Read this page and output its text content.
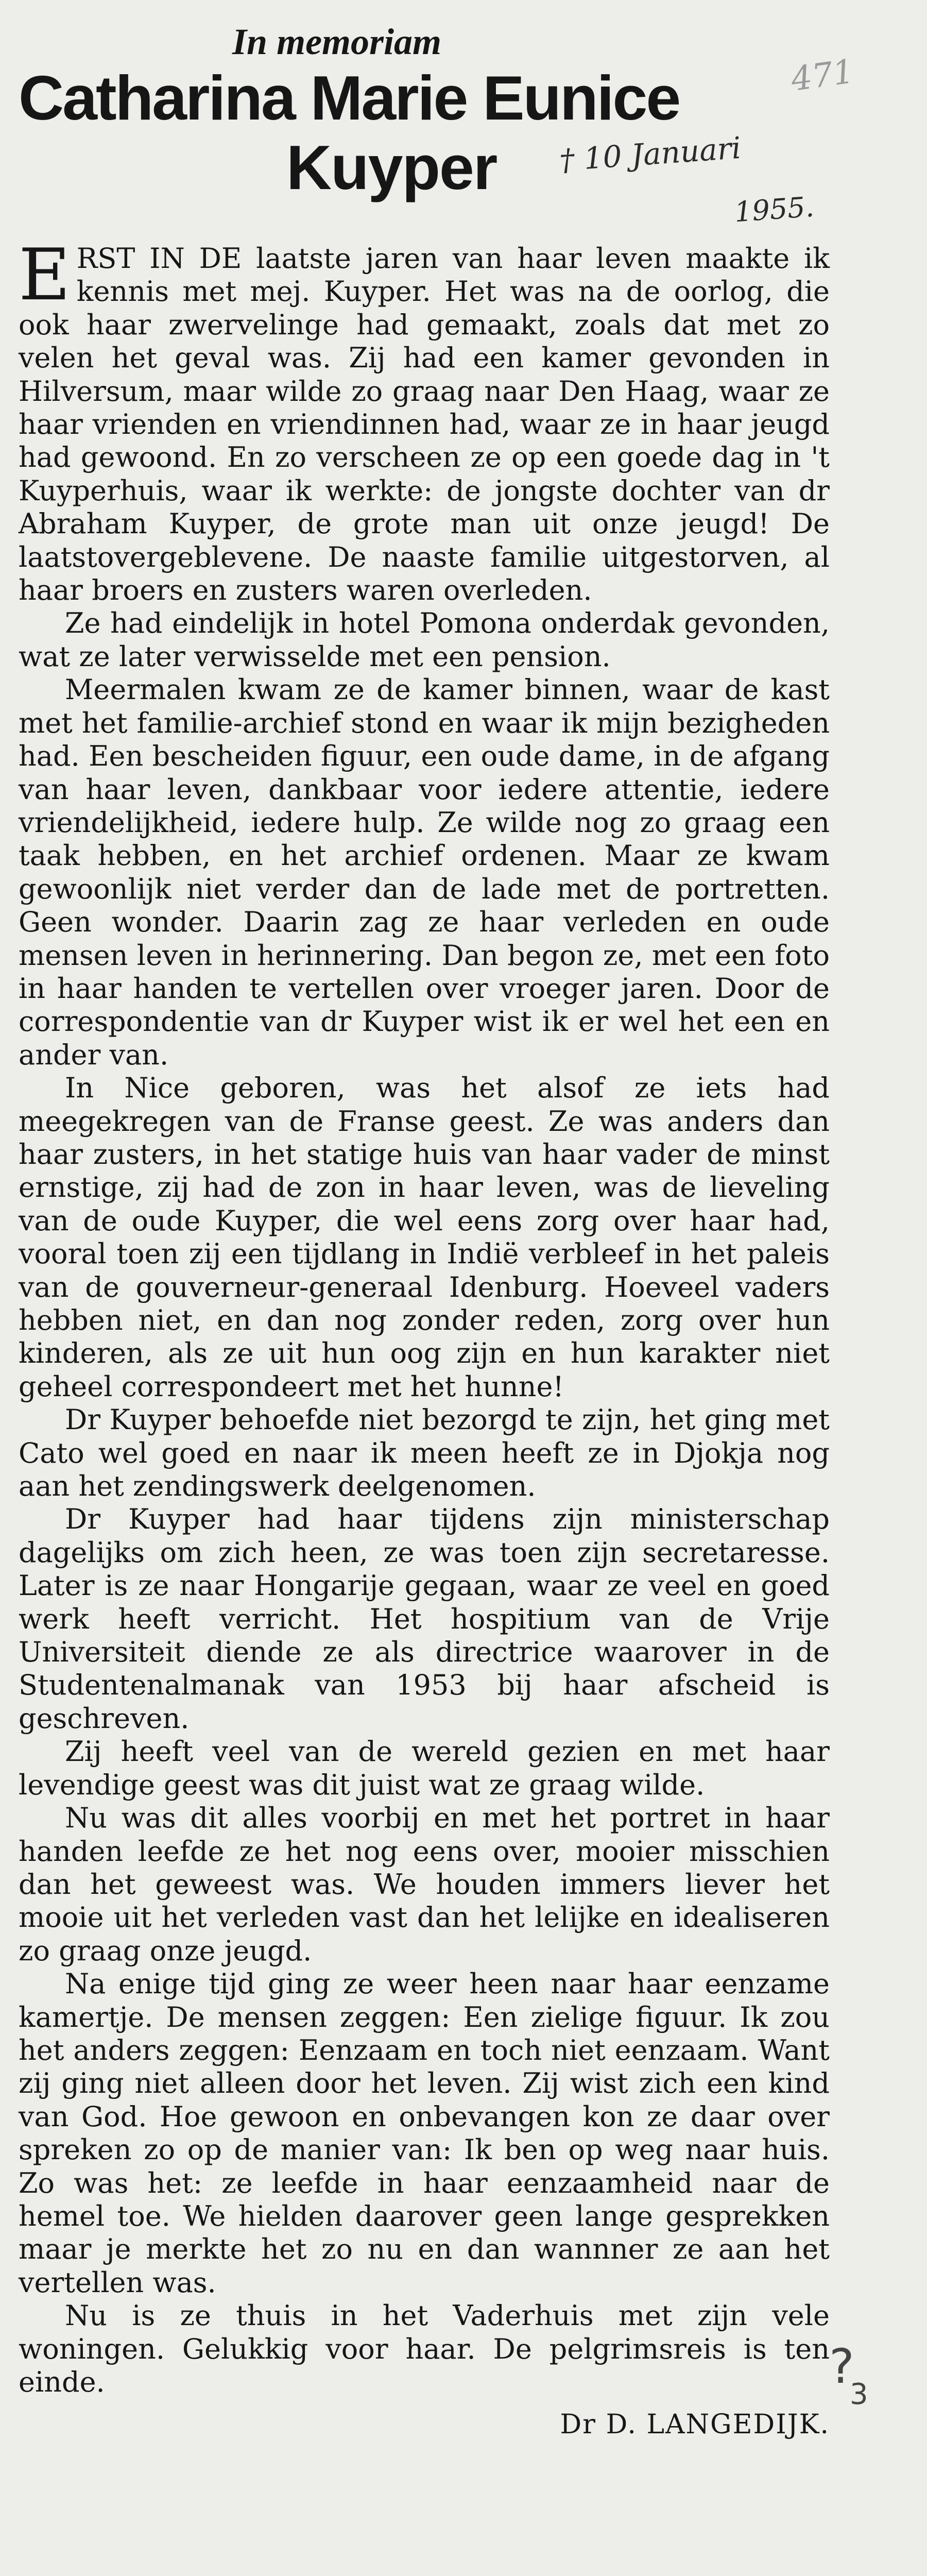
In memoriam
Catharina Marie Eunice
Kuyper
471
† 10 Januari
1955.

ERST IN DE laatste jaren van haar leven maakte ik kennis met mej. Kuyper. Het was na de oorlog, die ook haar zwervelinge had gemaakt, zoals dat met zo velen het geval was. Zij had een kamer gevonden in Hilversum, maar wilde zo graag naar Den Haag, waar ze haar vrienden en vriendinnen had, waar ze in haar jeugd had gewoond. En zo verscheen ze op een goede dag in 't Kuyperhuis, waar ik werkte: de jongste dochter van dr Abraham Kuyper, de grote man uit onze jeugd! De laatstovergeblevene. De naaste familie uitgestorven, al haar broers en zusters waren overleden.

Ze had eindelijk in hotel Pomona onderdak gevonden, wat ze later verwisselde met een pension.

Meermalen kwam ze de kamer binnen, waar de kast met het familie-archief stond en waar ik mijn bezigheden had. Een bescheiden figuur, een oude dame, in de afgang van haar leven, dankbaar voor iedere attentie, iedere vriendelijkheid, iedere hulp. Ze wilde nog zo graag een taak hebben, en het archief ordenen. Maar ze kwam gewoonlijk niet verder dan de lade met de portretten. Geen wonder. Daarin zag ze haar verleden en oude mensen leven in herinnering. Dan begon ze, met een foto in haar handen te vertellen over vroeger jaren. Door de correspondentie van dr Kuyper wist ik er wel het een en ander van.

In Nice geboren, was het alsof ze iets had meegekregen van de Franse geest. Ze was anders dan haar zusters, in het statige huis van haar vader de minst ernstige, zij had de zon in haar leven, was de lieveling van de oude Kuyper, die wel eens zorg over haar had, vooral toen zij een tijdlang in Indië verbleef in het paleis van de gouverneur-generaal Idenburg. Hoeveel vaders hebben niet, en dan nog zonder reden, zorg over hun kinderen, als ze uit hun oog zijn en hun karakter niet geheel correspondeert met het hunne!

Dr Kuyper behoefde niet bezorgd te zijn, het ging met Cato wel goed en naar ik meen heeft ze in Djokja nog aan het zendingswerk deelgenomen.

Dr Kuyper had haar tijdens zijn ministerschap dagelijks om zich heen, ze was toen zijn secretaresse. Later is ze naar Hongarije gegaan, waar ze veel en goed werk heeft verricht. Het hospitium van de Vrije Universiteit diende ze als directrice waarover in de Studentenalmanak van 1953 bij haar afscheid is geschreven.

Zij heeft veel van de wereld gezien en met haar levendige geest was dit juist wat ze graag wilde.

Nu was dit alles voorbij en met het portret in haar handen leefde ze het nog eens over, mooier misschien dan het geweest was. We houden immers liever het mooie uit het verleden vast dan het lelijke en idealiseren zo graag onze jeugd.

Na enige tijd ging ze weer heen naar haar eenzame kamertje. De mensen zeggen: Een zielige figuur. Ik zou het anders zeggen: Eenzaam en toch niet eenzaam. Want zij ging niet alleen door het leven. Zij wist zich een kind van God. Hoe gewoon en onbevangen kon ze daar over spreken zo op de manier van: Ik ben op weg naar huis. Zo was het: ze leefde in haar eenzaamheid naar de hemel toe. We hielden daarover geen lange gesprekken maar je merkte het zo nu en dan wannner ze aan het vertellen was.

Nu is ze thuis in het Vaderhuis met zijn vele woningen. Gelukkig voor haar. De pelgrimsreis is ten einde.

Dr D. LANGEDIJK.
?
3
